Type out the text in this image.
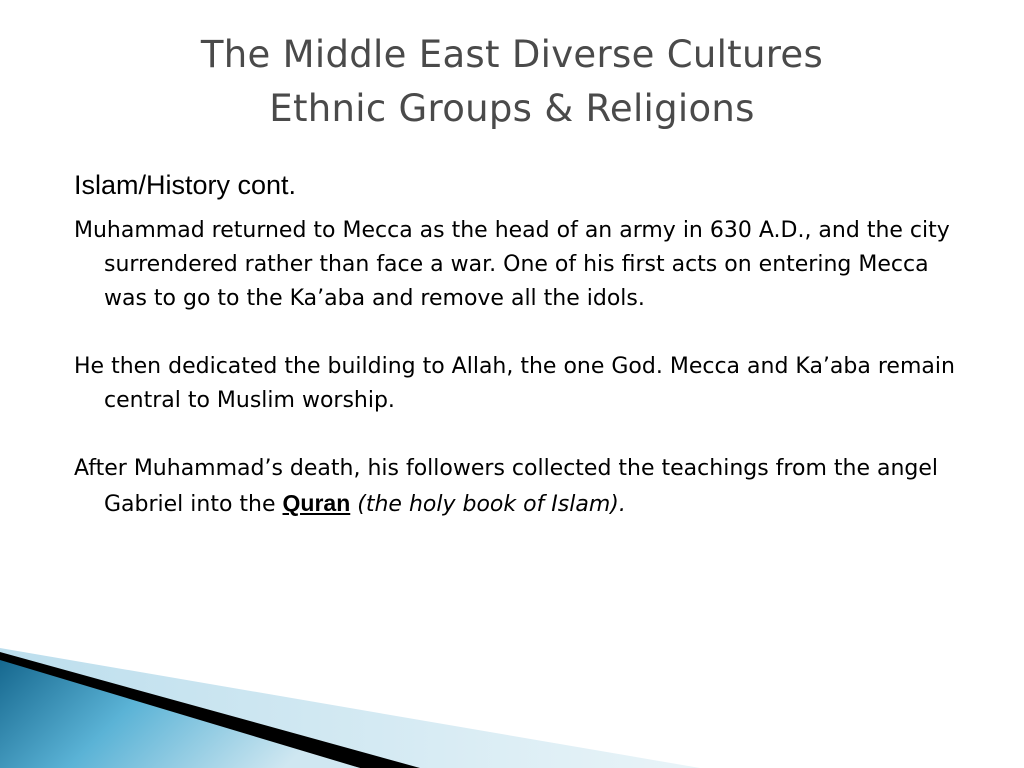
The Middle East Diverse Cultures
Ethnic Groups & Religions
Islam/History cont.

Muhammad returned to Mecca as the head of an army in 630 A.D., and the city surrendered rather than face a war. One of his first acts on entering Mecca was to go to the Ka’aba and remove all the idols.

He then dedicated the building to Allah, the one God. Mecca and Ka’aba remain central to Muslim worship.

After Muhammad’s death, his followers collected the teachings from the angel Gabriel into the Quran (the holy book of Islam).
